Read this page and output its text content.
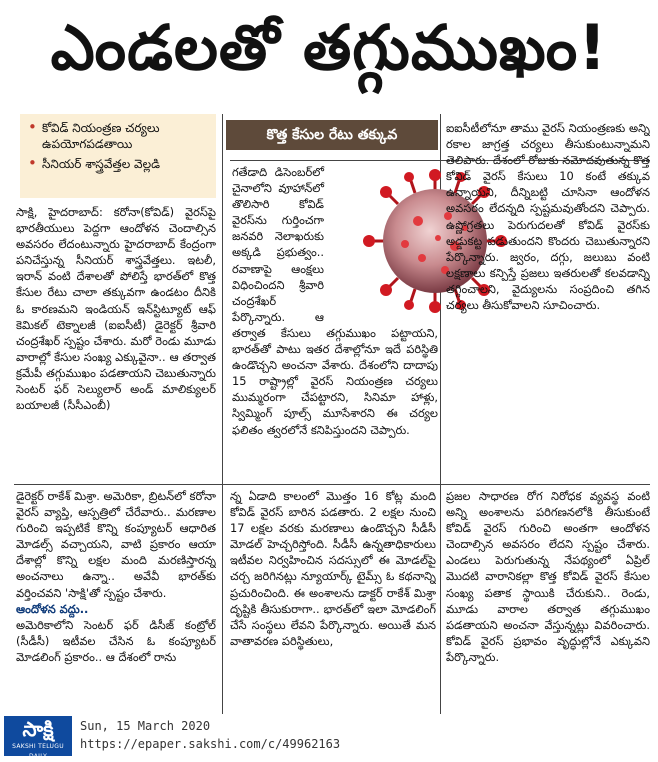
ఎండలతో తగ్గుముఖం!
• కోవిడ్ నియంత్రణ చర్యలు ఉపయోగపడతాయి
• సీనియర్ శాస్త్రవేత్తల వెల్లడి
కొత్త కేసుల రేటు తక్కువ

సాక్షి, హైదరాబాద్: కరోనా(కోవిడ్) వైరస్‌పై భారతీయులు పెద్దగా ఆందోళన చెందాల్సిన అవసరం లేదంటున్నారు హైదరాబాద్ కేంద్రంగా పనిచేస్తున్న సీనియర్ శాస్త్రవేత్తలు. ఇటలీ, ఇరాన్ వంటి దేశాలతో పోలిస్తే భారత్‌లో కొత్త కేసుల రేటు చాలా తక్కువగా ఉండటం దీనికి ఓ కారణమని ఇండియన్ ఇన్‌స్టిట్యూట్ ఆఫ్ కెమికల్ టెక్నాలజీ (ఐఐసీటీ) డైరెక్టర్ శ్రీవారి చంద్రశేఖర్ స్పష్టం చేశారు. మరో రెండు మూడు వారాల్లో కేసుల సంఖ్య ఎక్కువైనా.. ఆ తర్వాత క్రమేపీ తగ్గుముఖం పడతాయని చెబుతున్నారు సెంటర్ ఫర్ సెల్యులార్ అండ్ మాలిక్యులర్ బయాలజీ (సీసీఎంబీ)

గతేడాది డిసెంబర్‌లో చైనాలోని వూహాన్‌లో తొలిసారి కోవిడ్ వైరస్‌ను గుర్తించగా జనవరి నెలాఖరుకు అక్కడి ప్రభుత్వం.. రవాణాపై ఆంక్షలు విధించిందని శ్రీవారి చంద్రశేఖర్ పేర్కొన్నారు. ఆ తర్వాత కేసులు తగ్గుముఖం పట్టాయని, భారత్‌తో పాటు ఇతర దేశాల్లోనూ ఇదే పరిస్థితి ఉండొచ్చని అంచనా వేశారు. దేశంలోని దాదాపు 15 రాష్ట్రాల్లో వైరస్ నియంత్రణ చర్యలు ముమ్మరంగా చేపట్టారని, సినిమా హాళ్లు, స్విమ్మింగ్ పూల్స్ మూసేశారని ఈ చర్యల ఫలితం త్వరలోనే కనిపిస్తుందని చెప్పారు.

ఐఐసీటీలోనూ తాము వైరస్ నియంత్రణకు అన్ని రకాల జాగ్రత్త చర్యలు తీసుకుంటున్నామని తెలిపారు. దేశంలో రోజుకు నమోదవుతున్న కొత్త కోవిడ్ వైరస్ కేసులు 10 కంటే తక్కువ ఉన్నాయని, దీన్నిబట్టి చూసినా ఆందోళన అవసరం లేదన్నది స్పష్టమవుతోందని చెప్పారు. ఉష్ణోగ్రతలు పెరుగుదలతో కోవిడ్ వైరస్‌కు అడ్డుకట్ట పడుతుందని కొందరు చెబుతున్నారని పేర్కొన్నారు. జ్వరం, దగ్గు, జలుబు వంటి లక్షణాలు కన్పిస్తే ప్రజలు ఇతరులతో కలవడాన్ని తగ్గించాలని, వైద్యులను సంప్రదించి తగిన చర్యలు తీసుకోవాలని సూచించారు.

డైరెక్టర్ రాకేశ్ మిశ్రా. అమెరికా, బ్రిటన్‌లో కరోనా వైరస్ వ్యాప్తి, ఆస్పత్రిలో చేరేవారు.. మరణాల గురించి ఇప్పటికే కొన్ని కంప్యూటర్ ఆధారిత మోడల్స్ వచ్చాయని, వాటి ప్రకారం ఆయా దేశాల్లో కొన్ని లక్షల మంది మరణిస్తారన్న అంచనాలు ఉన్నా.. అవేవీ భారత్‌కు వర్తించవని 'సాక్షి'తో స్పష్టం చేశారు.

ఆందోళన వద్దు..

అమెరికాలోని సెంటర్ ఫర్ డిసీజ్ కంట్రోల్ (సీడీసీ) ఇటీవల చేసిన ఓ కంప్యూటర్ మోడలింగ్ ప్రకారం.. ఆ దేశంలో రాను

న్న ఏడాది కాలంలో మొత్తం 16 కోట్ల మంది కోవిడ్ వైరస్ బారిన పడతారు. 2 లక్షల నుంచి 17 లక్షల వరకు మరణాలు ఉండొచ్చని సీడీసీ మోడల్ హెచ్చరిస్తోంది. సీడీసీ ఉన్నతాధికారులు ఇటీవల నిర్వహించిన సదస్సులో ఈ మోడల్‌పై చర్చ జరిగినట్లు న్యూయార్క్ టైమ్స్ ఓ కథనాన్ని ప్రచురించింది. ఈ అంశాలను డాక్టర్ రాకేశ్ మిశ్రా దృష్టికి తీసుకురాగా.. భారత్‌లో ఇలా మోడలింగ్ చేసే సంస్థలు లేవని పేర్కొన్నారు. అయితే మన వాతావరణ పరిస్థితులు,

ప్రజల సాధారణ రోగ నిరోధక వ్యవస్థ వంటి అన్ని అంశాలను పరిగణనలోకి తీసుకుంటే కోవిడ్ వైరస్ గురించి అంతగా ఆందోళన చెందాల్సిన అవసరం లేదని స్పష్టం చేశారు. ఎండలు పెరుగుతున్న నేపథ్యంలో ఏప్రిల్ మొదటి వారానికల్లా కొత్త కోవిడ్ వైరస్ కేసుల సంఖ్య పతాక స్థాయికి చేరుకుని.. రెండు, మూడు వారాల తర్వాత తగ్గుముఖం పడతాయని అంచనా వేస్తున్నట్లు వివరించారు. కోవిడ్ వైరస్ ప్రభావం వృద్ధుల్లోనే ఎక్కువని పేర్కొన్నారు.

సాక్షి
SAKSHI TELUGU DAILY
Sun, 15 March 2020
https://epaper.sakshi.com/c/49962163
